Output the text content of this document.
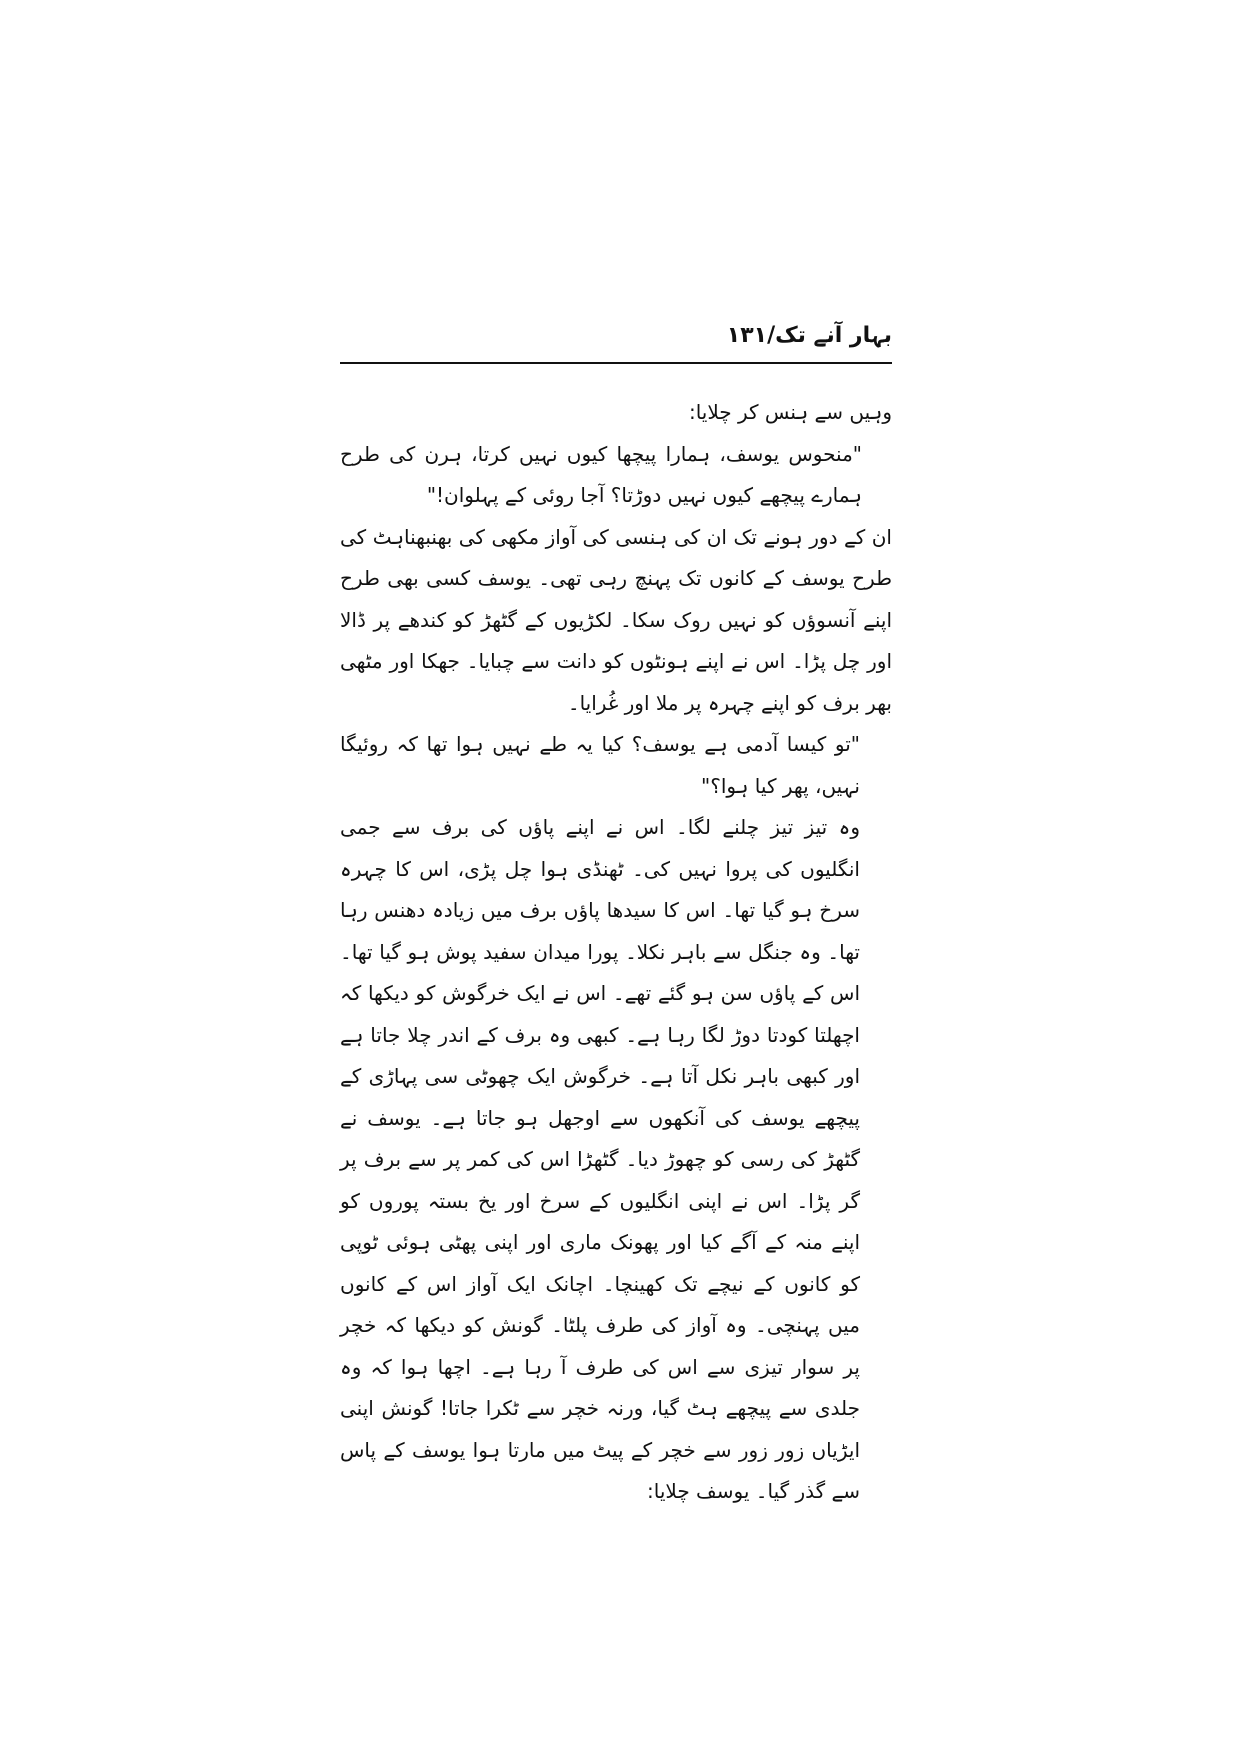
بہار آنے تک/۱۳۱

وہیں سے ہنس کر چلایا:

"منحوس یوسف، ہمارا پیچھا کیوں نہیں کرتا، ہرن کی طرح ہمارے پیچھے کیوں نہیں دوڑتا؟ آجا روئی کے پہلوان!"

ان کے دور ہونے تک ان کی ہنسی کی آواز مکھی کی بھنبھناہٹ کی طرح یوسف کے کانوں تک پہنچ رہی تھی۔ یوسف کسی بھی طرح اپنے آنسوؤں کو نہیں روک سکا۔ لکڑیوں کے گٹھڑ کو کندھے پر ڈالا اور چل پڑا۔ اس نے اپنے ہونٹوں کو دانت سے چبایا۔ جھکا اور مٹھی بھر برف کو اپنے چہرہ پر ملا اور غُرایا۔

"تو کیسا آدمی ہے یوسف؟ کیا یہ طے نہیں ہوا تھا کہ روئیگا نہیں، پھر کیا ہوا؟"

وہ تیز تیز چلنے لگا۔ اس نے اپنے پاؤں کی برف سے جمی انگلیوں کی پروا نہیں کی۔ ٹھنڈی ہوا چل پڑی، اس کا چہرہ سرخ ہو گیا تھا۔ اس کا سیدھا پاؤں برف میں زیادہ دھنس رہا تھا۔ وہ جنگل سے باہر نکلا۔ پورا میدان سفید پوش ہو گیا تھا۔ اس کے پاؤں سن ہو گئے تھے۔ اس نے ایک خرگوش کو دیکھا کہ اچھلتا کودتا دوڑ لگا رہا ہے۔ کبھی وہ برف کے اندر چلا جاتا ہے اور کبھی باہر نکل آتا ہے۔ خرگوش ایک چھوٹی سی پہاڑی کے پیچھے یوسف کی آنکھوں سے اوجھل ہو جاتا ہے۔ یوسف نے گٹھڑ کی رسی کو چھوڑ دیا۔ گٹھڑا اس کی کمر پر سے برف پر گر پڑا۔ اس نے اپنی انگلیوں کے سرخ اور یخ بستہ پوروں کو اپنے منہ کے آگے کیا اور پھونک ماری اور اپنی پھٹی ہوئی ٹوپی کو کانوں کے نیچے تک کھینچا۔ اچانک ایک آواز اس کے کانوں میں پہنچی۔ وہ آواز کی طرف پلٹا۔ گونش کو دیکھا کہ خچر پر سوار تیزی سے اس کی طرف آ رہا ہے۔ اچھا ہوا کہ وہ جلدی سے پیچھے ہٹ گیا، ورنہ خچر سے ٹکرا جاتا! گونش اپنی ایڑیاں زور زور سے خچر کے پیٹ میں مارتا ہوا یوسف کے پاس سے گذر گیا۔ یوسف چلایا:
